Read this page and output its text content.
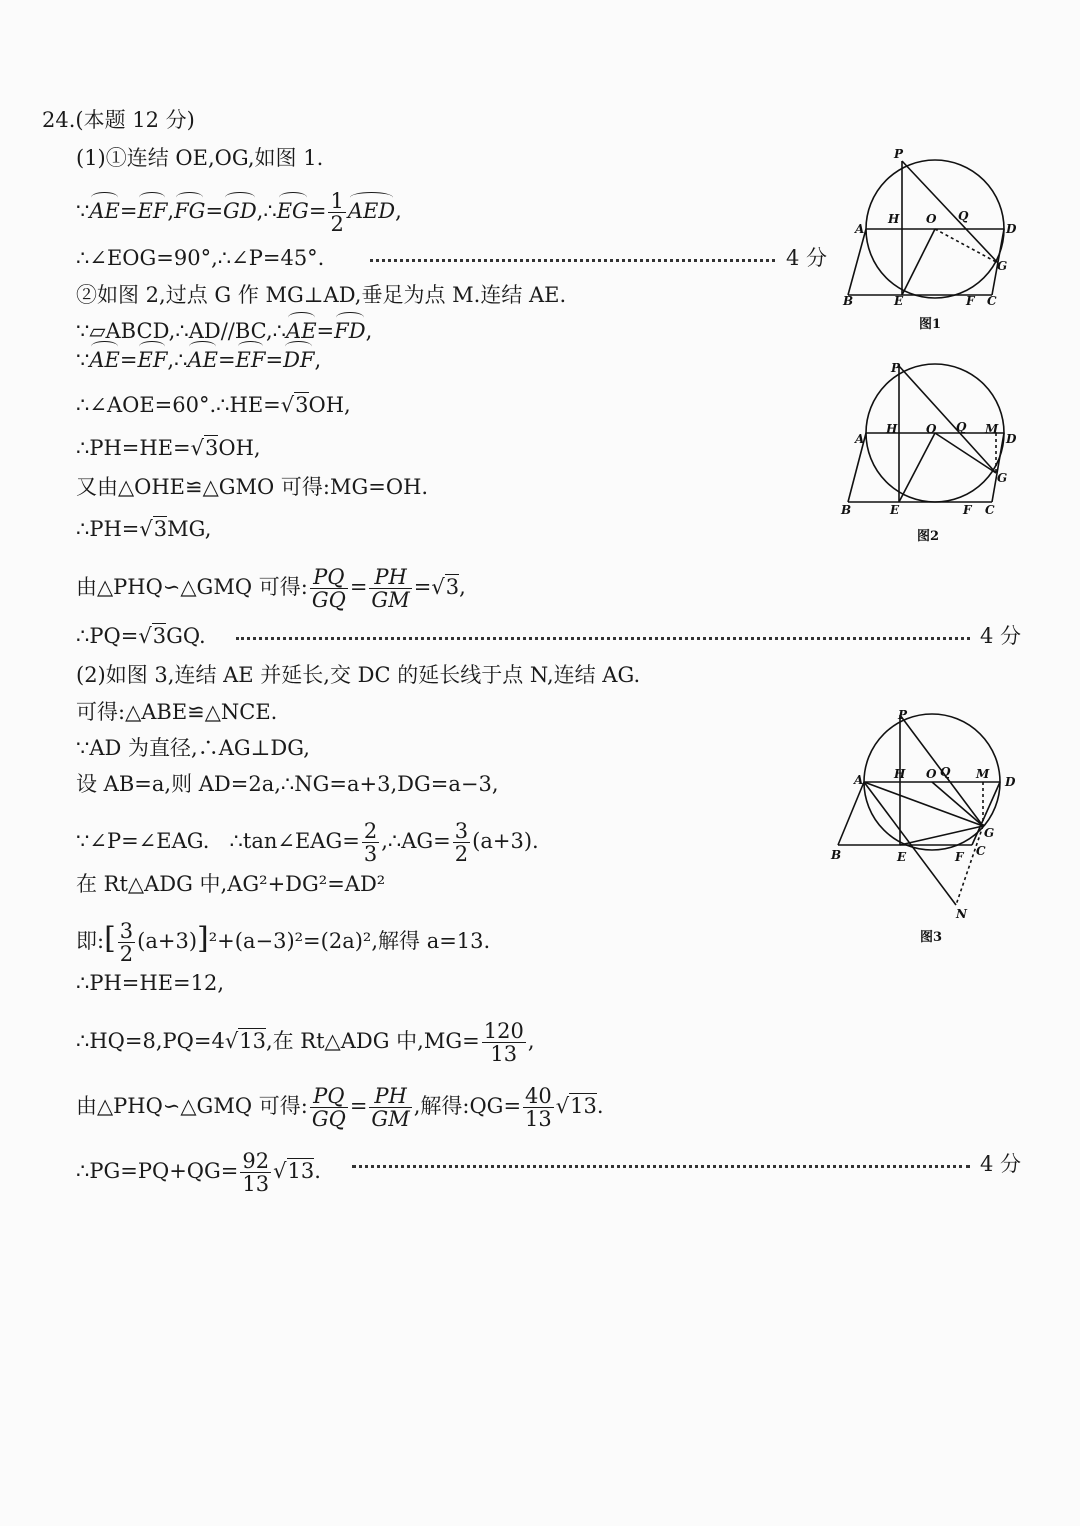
24.(本题 12 分)
(1)①连结 OE,OG,如图 1.
∵AE=EF,FG=GD,∴EG= $\frac{1}{2}$ AED,
∴∠EOG=90°,∴∠P=45°.	4 分
②如图 2,过点 G 作 MG⊥AD,垂足为点 M.连结 AE.
∵▱ABCD,∴AD//BC,∴AE=FD,
∵AE=EF,∴AE=EF=DF,
∴∠AOE=60°.∴HE= √ 3OH,
∴PH=HE= √ 3OH,
又由△OHE≌△GMO 可得:MG=OH.
∴PH= √ 3MG,
由△PHQ∽△GMQ 可得: $\frac{PQ}{GQ} = \frac{PH}{GM}$ = √ 3,
∴PQ= √ 3GQ.	4 分
(2)如图 3,连结 AE 并延长,交 DC 的延长线于点 N,连结 AG.
可得:△ABE≌△NCE.
∵AD 为直径,∴AG⊥DG,
设 AB=a,则 AD=2a,∴NG=a+3,DG=a−3,
∵∠P=∠EAG. ∴tan∠EAG= $\frac{2}{3}$ ,∴AG= $\frac{3}{2} (a+3)$.
在 Rt△ADG 中,AG²+DG²=AD²
即:[ $\frac{3}{2} (a+3)]^2+(a-3)^2=(2a)^2$,解得 a=13.
∴PH=HE=12,
∴HQ=8,PQ=4 √ 13,在 Rt△ADG 中$,MG= \frac{120}{13}$ ,
由△PHQ∽△GMQ 可得: $\frac{PQ}{GQ} = \frac{PH}{GM}$ ,解得:QG= $\frac{40}{13}$ √ 13.
∴PG=PQ+QG= $\frac{92}{13}$ √ 13.	4 分
P
A
H O Q
D
G
B	E	F C
图1
P
A
H O Q M
D
G
B	E	F C
图2
P
A	H O Q M
D
G
B	E	F C
N
图3
